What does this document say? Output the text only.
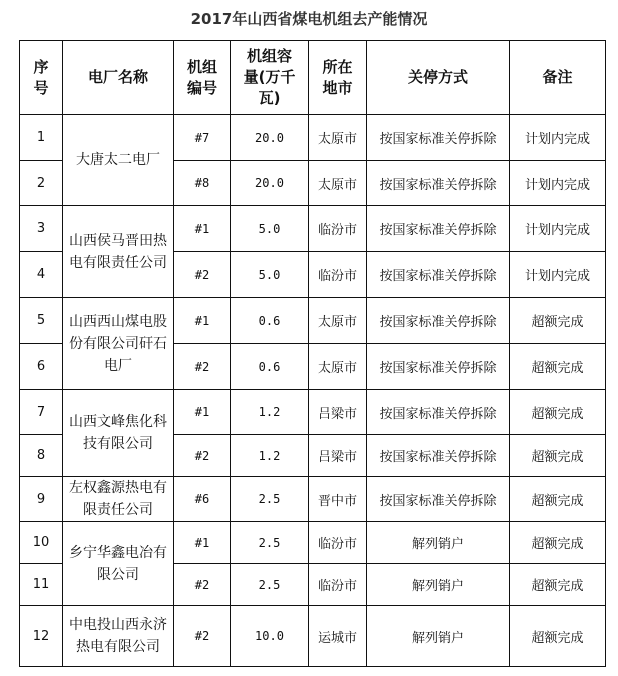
2017年山西省煤电机组去产能情况
序号	电厂名称	机组编号	机组容量(万千瓦)	所在地市	关停方式	备注
1	大唐太二电厂	#7	20.0	太原市	按国家标准关停拆除	计划内完成
2		#8	20.0	太原市	按国家标准关停拆除	计划内完成
3	山西侯马晋田热电有限责任公司	#1	5.0	临汾市	按国家标准关停拆除	计划内完成
4		#2	5.0	临汾市	按国家标准关停拆除	计划内完成
5	山西西山煤电股份有限公司矸石电厂	#1	0.6	太原市	按国家标准关停拆除	超额完成
6		#2	0.6	太原市	按国家标准关停拆除	超额完成
7	山西文峰焦化科技有限公司	#1	1.2	吕梁市	按国家标准关停拆除	超额完成
8		#2	1.2	吕梁市	按国家标准关停拆除	超额完成
9	左权鑫源热电有限责任公司	#6	2.5	晋中市	按国家标准关停拆除	超额完成
10	乡宁华鑫电冶有限公司	#1	2.5	临汾市	解列销户	超额完成
11		#2	2.5	临汾市	解列销户	超额完成
12	中电投山西永济热电有限公司	#2	10.0	运城市	解列销户	超额完成
